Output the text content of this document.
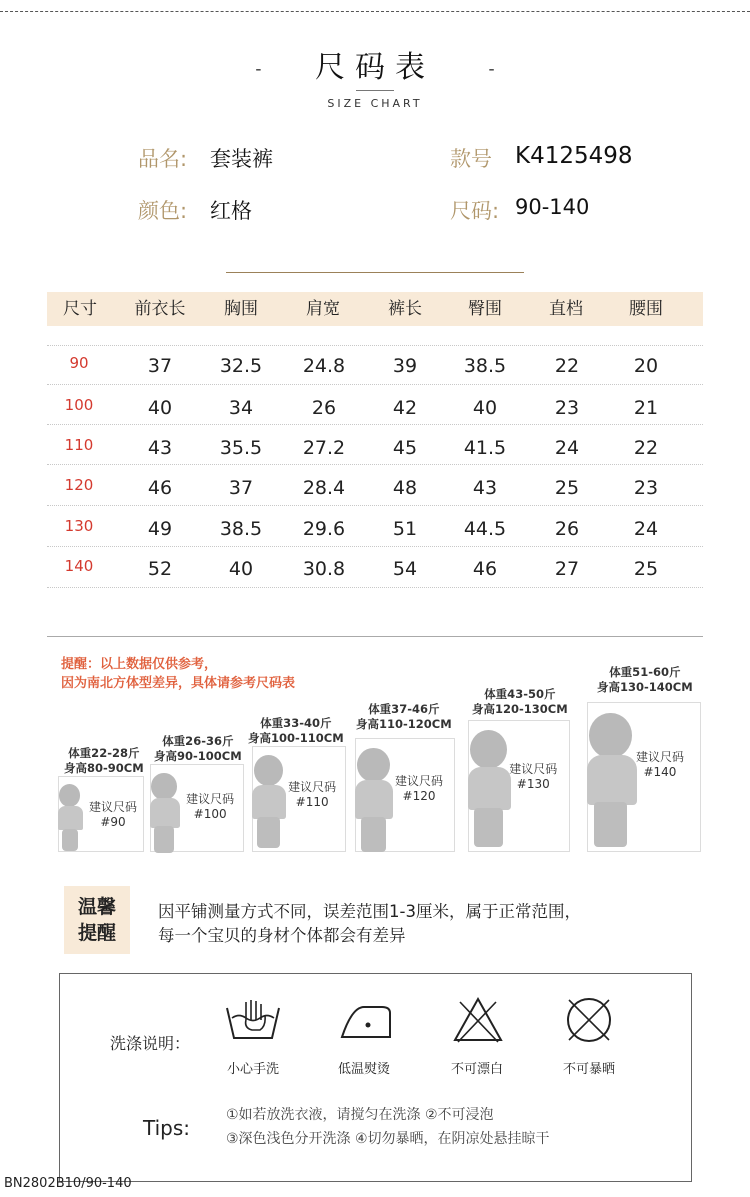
- 尺码表	-
SIZE CHART
品名: 套装裤	款号 K4125498
颜色: 红格	尺码: 90-140
尺寸	前衣长	胸围	肩宽	裤长	臀围	直档	腰围
90	37	32.5	24.8	39	38.5	22	20
100	40	34	26	42	40	23	21
110	43	35.5	27.2	45	41.5	24	22
120	46	37	28.4	48	43	25	23
130	49	38.5	29.6	51	44.5	26	24
140	52	40	30.8	54	46	27	25
提醒：以上数据仅供参考，
因为南北方体型差异，具体请参考尺码表
体重22-28斤
身高80-90CM
建议尺码
#90
体重26-36斤
身高90-100CM
建议尺码
#100
体重33-40斤
身高100-110CM
建议尺码
#110
体重37-46斤
身高110-120CM
建议尺码
#120
体重43-50斤
身高120-130CM
建议尺码
#130
体重51-60斤
身高130-140CM
建议尺码
#140
温馨
提醒
因平铺测量方式不同，误差范围1-3厘米，属于正常范围，
每一个宝贝的身材个体都会有差异
洗涤说明：
小心手洗	低温熨烫	不可漂白	不可暴晒
Tips:
①如若放洗衣液，请搅匀在洗涤 ②不可浸泡
③深色浅色分开洗涤 ④切勿暴晒，在阴凉处悬挂晾干
BN2802B10/90-140
